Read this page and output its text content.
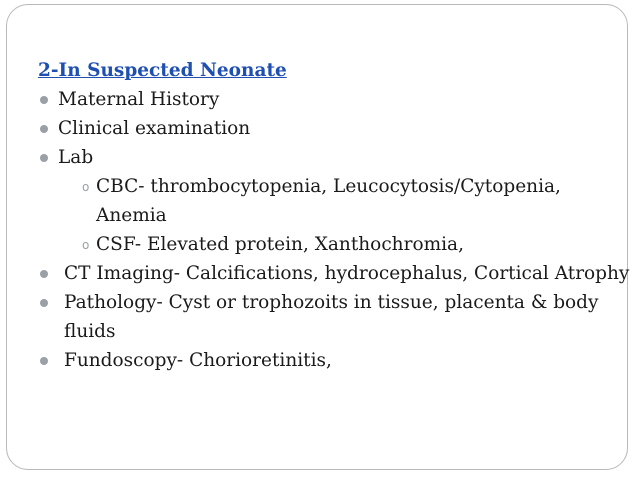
2-In Suspected Neonate
Maternal History
Clinical examination
Lab
o CBC- thrombocytopenia, Leucocytosis/Cytopenia, Anemia
o CSF- Elevated protein, Xanthochromia,
CT Imaging- Calcifications, hydrocephalus, Cortical Atrophy
Pathology- Cyst or trophozoits in tissue, placenta & body fluids
Fundoscopy- Chorioretinitis,
